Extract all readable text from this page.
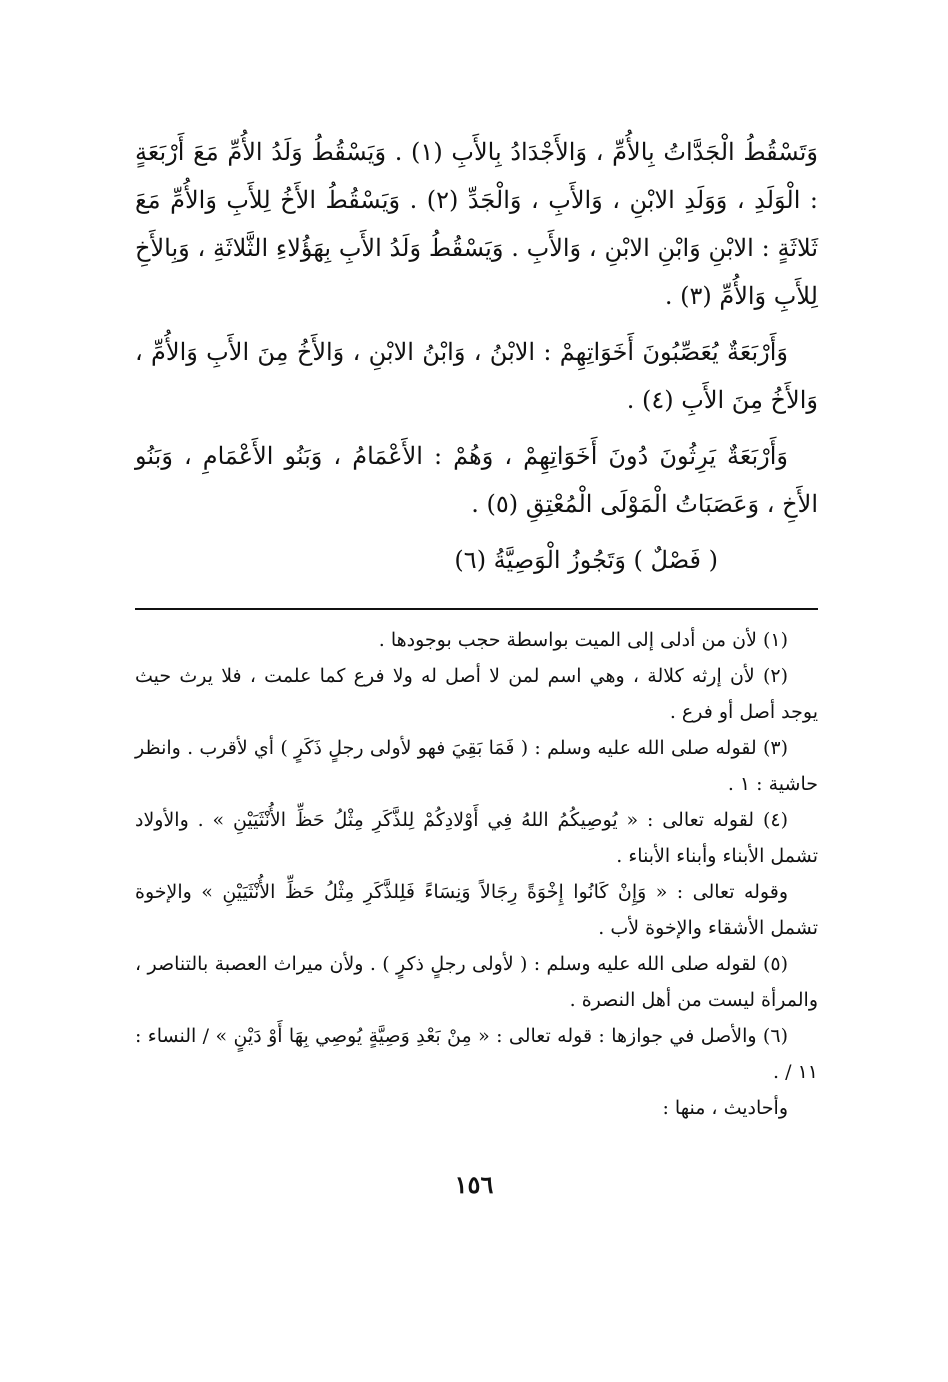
وَتَسْقُطُ الْجَدَّاتُ بِالأُمِّ ، وَالأَجْدَادُ بِالأَبِ (١) . وَيَسْقُطُ وَلَدُ الأُمِّ مَعَ أَرْبَعَةٍ : الْوَلَدِ ، وَوَلَدِ الابْنِ ، وَالأَبِ ، وَالْجَدِّ (٢) . وَيَسْقُطُ الأَخُ لِلأَبِ وَالأُمِّ مَعَ ثَلاثَةٍ : الابْنِ وَابْنِ الابْنِ ، وَالأَبِ . وَيَسْقُطُ وَلَدُ الأَبِ بِهَؤُلاءِ الثَّلاثَةِ ، وَبِالأَخِ لِلأَبِ وَالأُمِّ (٣) .

وَأَرْبَعَةٌ يُعَصِّبُونَ أَخَوَاتِهِمْ : الابْنُ ، وَابْنُ الابْنِ ، وَالأَخُ مِنَ الأَبِ وَالأُمِّ ، وَالأَخُ مِنَ الأَبِ (٤) .

وَأَرْبَعَةٌ يَرِثُونَ دُونَ أَخَوَاتِهِمْ ، وَهُمْ : الأَعْمَامُ ، وَبَنُو الأَعْمَامِ ، وَبَنُو الأَخِ ، وَعَصَبَاتُ الْمَوْلَى الْمُعْتِقِ (٥) .

( فَصْلٌ ) وَتَجُوزُ الْوَصِيَّةُ (٦)

(١) لأن من أدلى إلى الميت بواسطة حجب بوجودها .

(٢) لأن إرثه كلالة ، وهي اسم لمن لا أصل له ولا فرع كما علمت ، فلا يرث حيث يوجد أصل أو فرع .

(٣) لقوله صلى الله عليه وسلم : ( فَمَا بَقِيَ فهو لأولى رجلٍ ذَكَرٍ ) أي لأقرب . وانظر حاشية : ١ .

(٤) لقوله تعالى : « يُوصِيكُمُ اللهُ فِي أَوْلادِكُمْ لِلذَّكَرِ مِثْلُ حَظِّ الأُنْثَيَيْنِ » . والأولاد تشمل الأبناء وأبناء الأبناء .

وقوله تعالى : « وَإِنْ كَانُوا إِخْوَةً رِجَالاً وَنِسَاءً فَلِلذَّكَرِ مِثْلُ حَظِّ الأُنْثَيَيْنِ » والإخوة تشمل الأشقاء والإخوة لأب .

(٥) لقوله صلى الله عليه وسلم : ( لأولى رجلٍ ذكرٍ ) . ولأن ميراث العصبة بالتناصر ، والمرأة ليست من أهل النصرة .

(٦) والأصل في جوازها : قوله تعالى : « مِنْ بَعْدِ وَصِيَّةٍ يُوصِي بِهَا أَوْ دَيْنٍ » / النساء : ١١ / .

وأحاديث ، منها :

١٥٦
